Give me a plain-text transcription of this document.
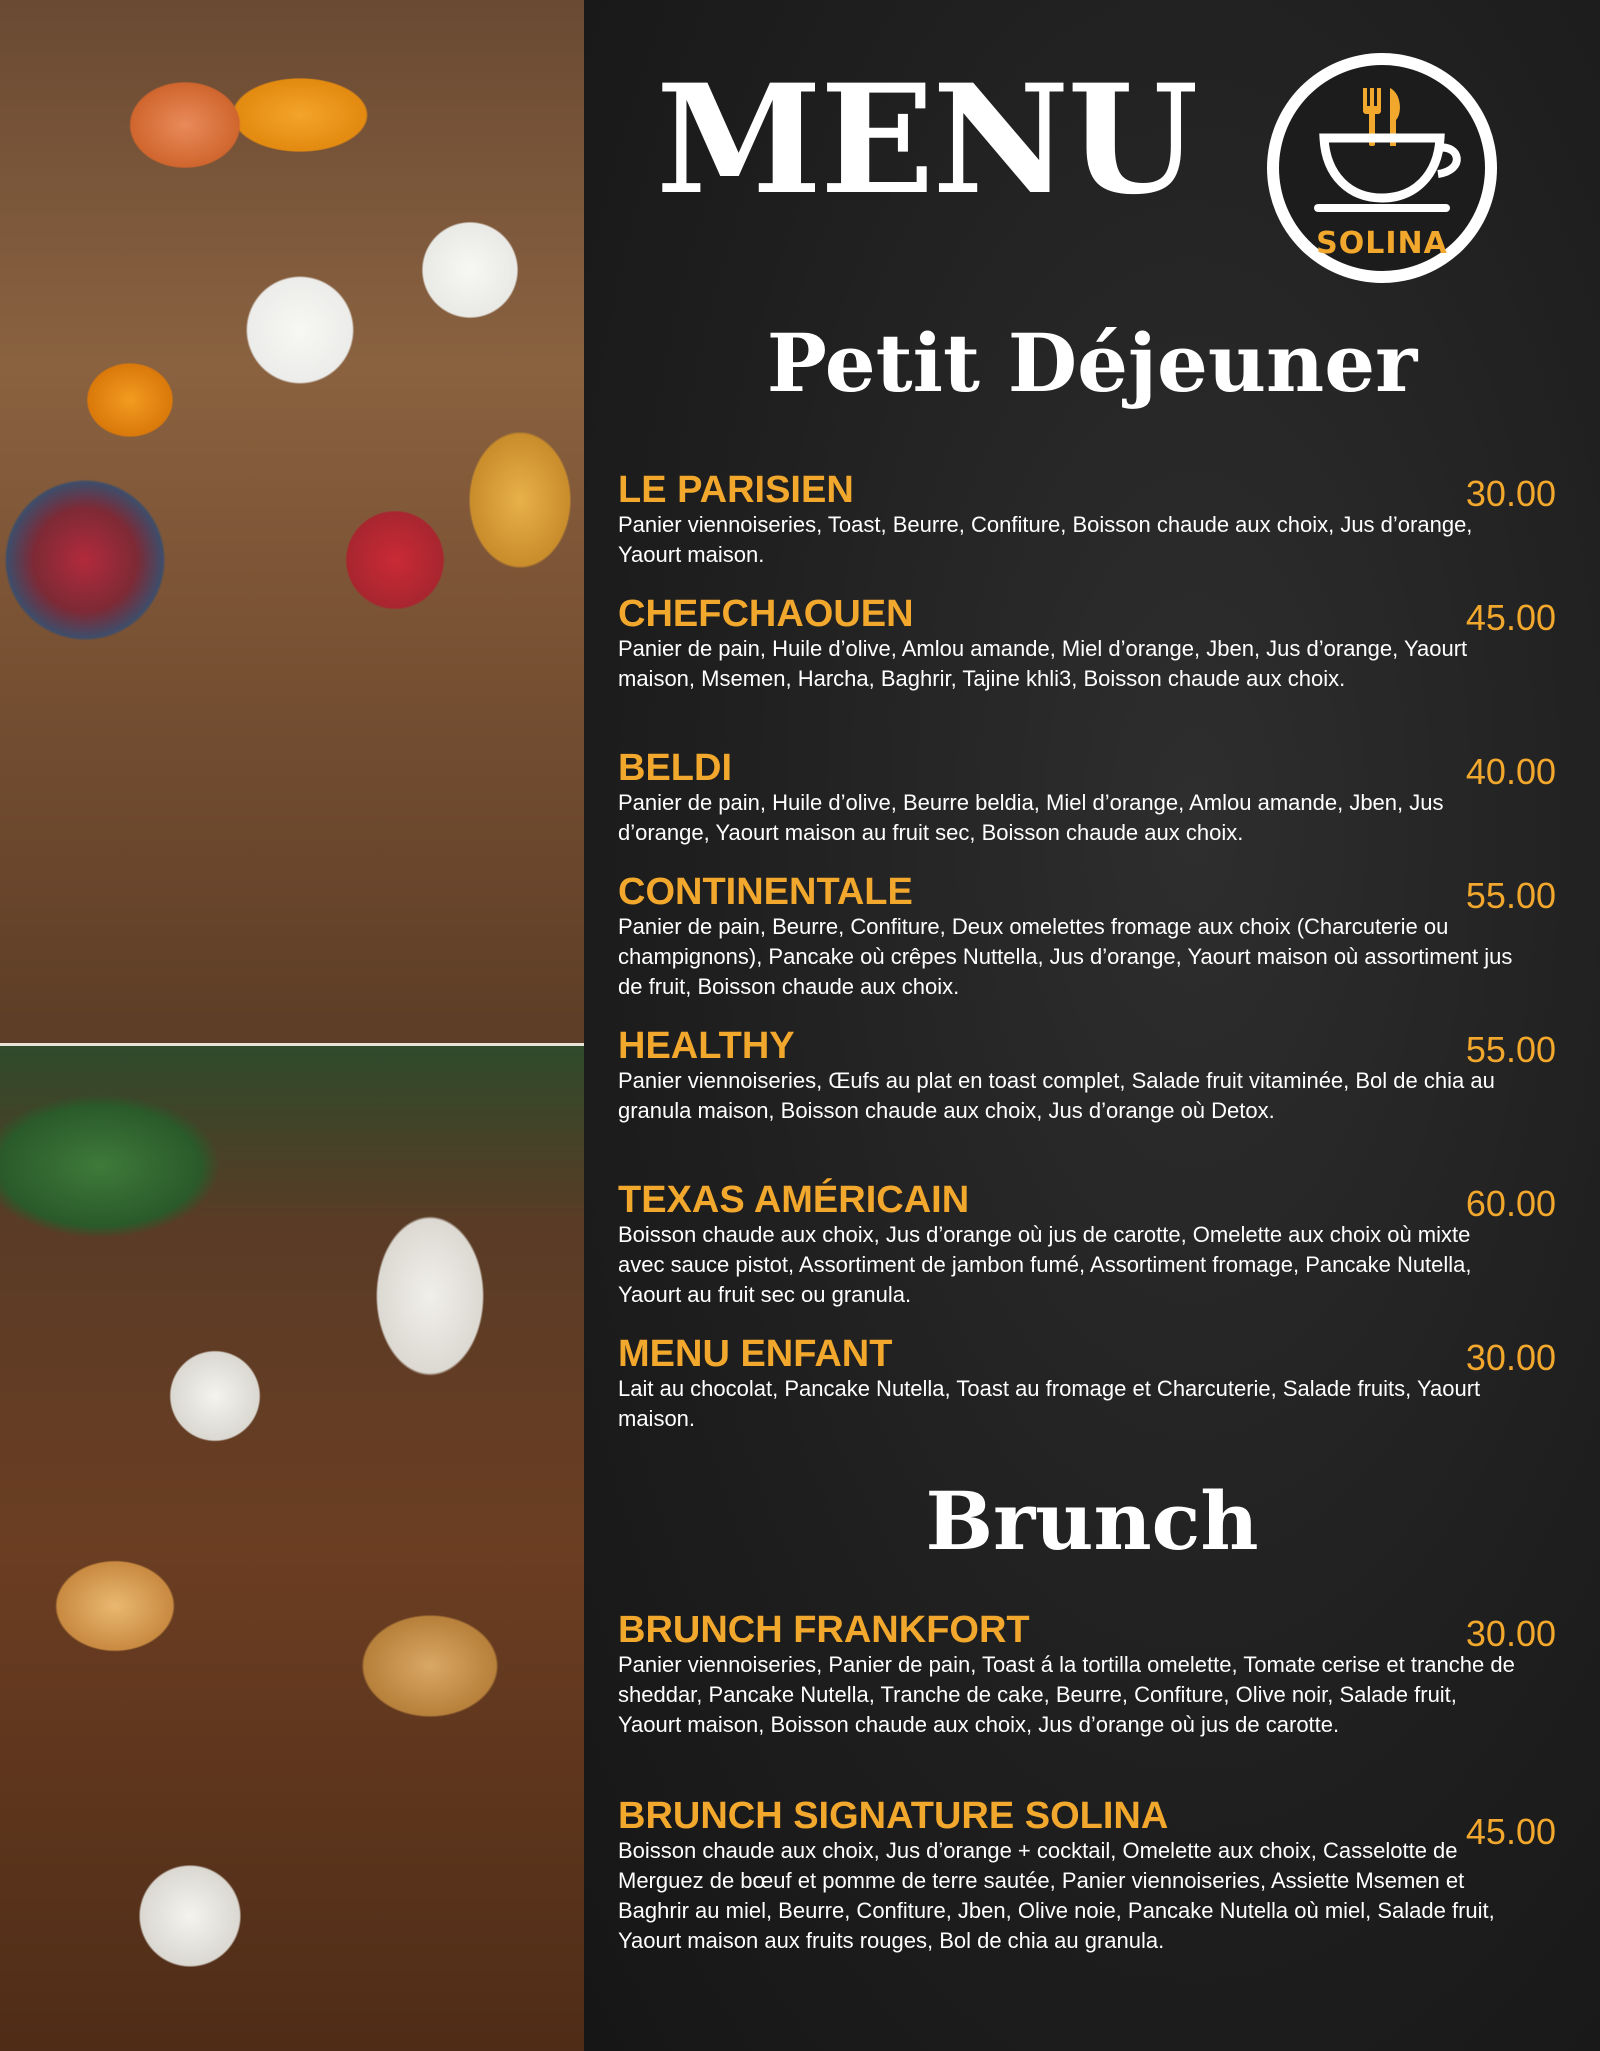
MENU
SOLINA
Petit Déjeuner

LE PARISIEN

Panier viennoiseries, Toast, Beurre, Confiture, Boisson chaude aux choix, Jus d’orange, Yaourt maison.

30.00

CHEFCHAOUEN

Panier de pain, Huile d’olive, Amlou amande, Miel d’orange, Jben, Jus d’orange, Yaourt maison, Msemen, Harcha, Baghrir, Tajine khli3, Boisson chaude aux choix.

45.00

BELDI

Panier de pain, Huile d’olive, Beurre beldia, Miel d’orange, Amlou amande, Jben, Jus d’orange, Yaourt maison au fruit sec, Boisson chaude aux choix.

40.00

CONTINENTALE

Panier de pain, Beurre, Confiture, Deux omelettes fromage aux choix (Charcuterie ou champignons), Pancake où crêpes Nuttella, Jus d’orange, Yaourt maison où assortiment jus de fruit, Boisson chaude aux choix.

55.00

HEALTHY

Panier viennoiseries, Œufs au plat en toast complet, Salade fruit vitaminée, Bol de chia au granula maison, Boisson chaude aux choix, Jus d’orange où Detox.

55.00

TEXAS AMÉRICAIN

Boisson chaude aux choix, Jus d’orange où jus de carotte, Omelette aux choix où mixte avec sauce pistot, Assortiment de jambon fumé, Assortiment fromage, Pancake Nutella, Yaourt au fruit sec ou granula.

60.00

MENU ENFANT

Lait au chocolat, Pancake Nutella, Toast au fromage et Charcuterie, Salade fruits, Yaourt maison.

30.00
Brunch

BRUNCH FRANKFORT

Panier viennoiseries, Panier de pain, Toast á la tortilla omelette, Tomate cerise et tranche de sheddar, Pancake Nutella, Tranche de cake, Beurre, Confiture, Olive noir, Salade fruit, Yaourt maison, Boisson chaude aux choix, Jus d’orange où jus de carotte.

30.00

BRUNCH SIGNATURE SOLINA

Boisson chaude aux choix, Jus d’orange + cocktail, Omelette aux choix, Casselotte de Merguez de bœuf et pomme de terre sautée, Panier viennoiseries, Assiette Msemen et Baghrir au miel, Beurre, Confiture, Jben, Olive noie, Pancake Nutella où miel, Salade fruit, Yaourt maison aux fruits rouges, Bol de chia au granula.

45.00
